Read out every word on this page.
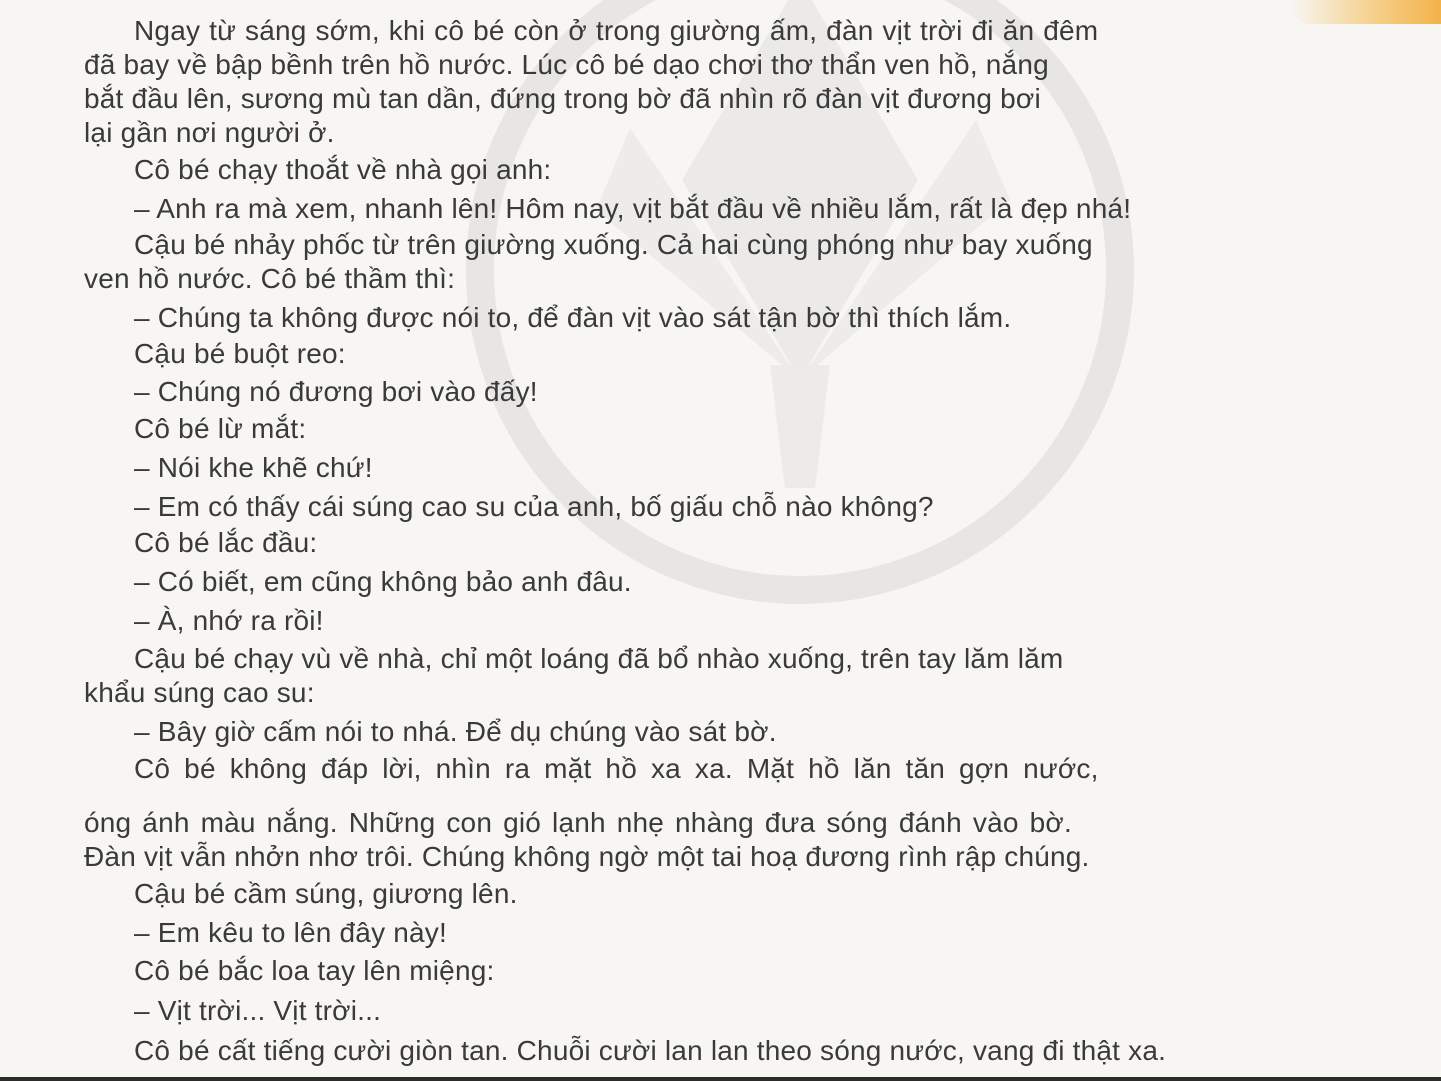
Ngay từ sáng sớm, khi cô bé còn ở trong giường ấm, đàn vịt trời đi ăn đêm
đã bay về bập bềnh trên hồ nước. Lúc cô bé dạo chơi thơ thẩn ven hồ, nắng
bắt đầu lên, sương mù tan dần, đứng trong bờ đã nhìn rõ đàn vịt đương bơi
lại gần nơi người ở.
Cô bé chạy thoắt về nhà gọi anh:
– Anh ra mà xem, nhanh lên! Hôm nay, vịt bắt đầu về nhiều lắm, rất là đẹp nhá!
Cậu bé nhảy phốc từ trên giường xuống. Cả hai cùng phóng như bay xuống
ven hồ nước. Cô bé thầm thì:
– Chúng ta không được nói to, để đàn vịt vào sát tận bờ thì thích lắm.
Cậu bé buột reo:
– Chúng nó đương bơi vào đấy!
Cô bé lừ mắt:
– Nói khe khẽ chứ!
– Em có thấy cái súng cao su của anh, bố giấu chỗ nào không?
Cô bé lắc đầu:
– Có biết, em cũng không bảo anh đâu.
– À, nhớ ra rồi!
Cậu bé chạy vù về nhà, chỉ một loáng đã bổ nhào xuống, trên tay lăm lăm
khẩu súng cao su:
– Bây giờ cấm nói to nhá. Để dụ chúng vào sát bờ.
Cô bé không đáp lời, nhìn ra mặt hồ xa xa. Mặt hồ lăn tăn gợn nước,
óng ánh màu nắng. Những con gió lạnh nhẹ nhàng đưa sóng đánh vào bờ.
Đàn vịt vẫn nhởn nhơ trôi. Chúng không ngờ một tai hoạ đương rình rập chúng.
Cậu bé cầm súng, giương lên.
– Em kêu to lên đây này!
Cô bé bắc loa tay lên miệng:
– Vịt trời... Vịt trời...
Cô bé cất tiếng cười giòn tan. Chuỗi cười lan lan theo sóng nước, vang đi thật xa.
